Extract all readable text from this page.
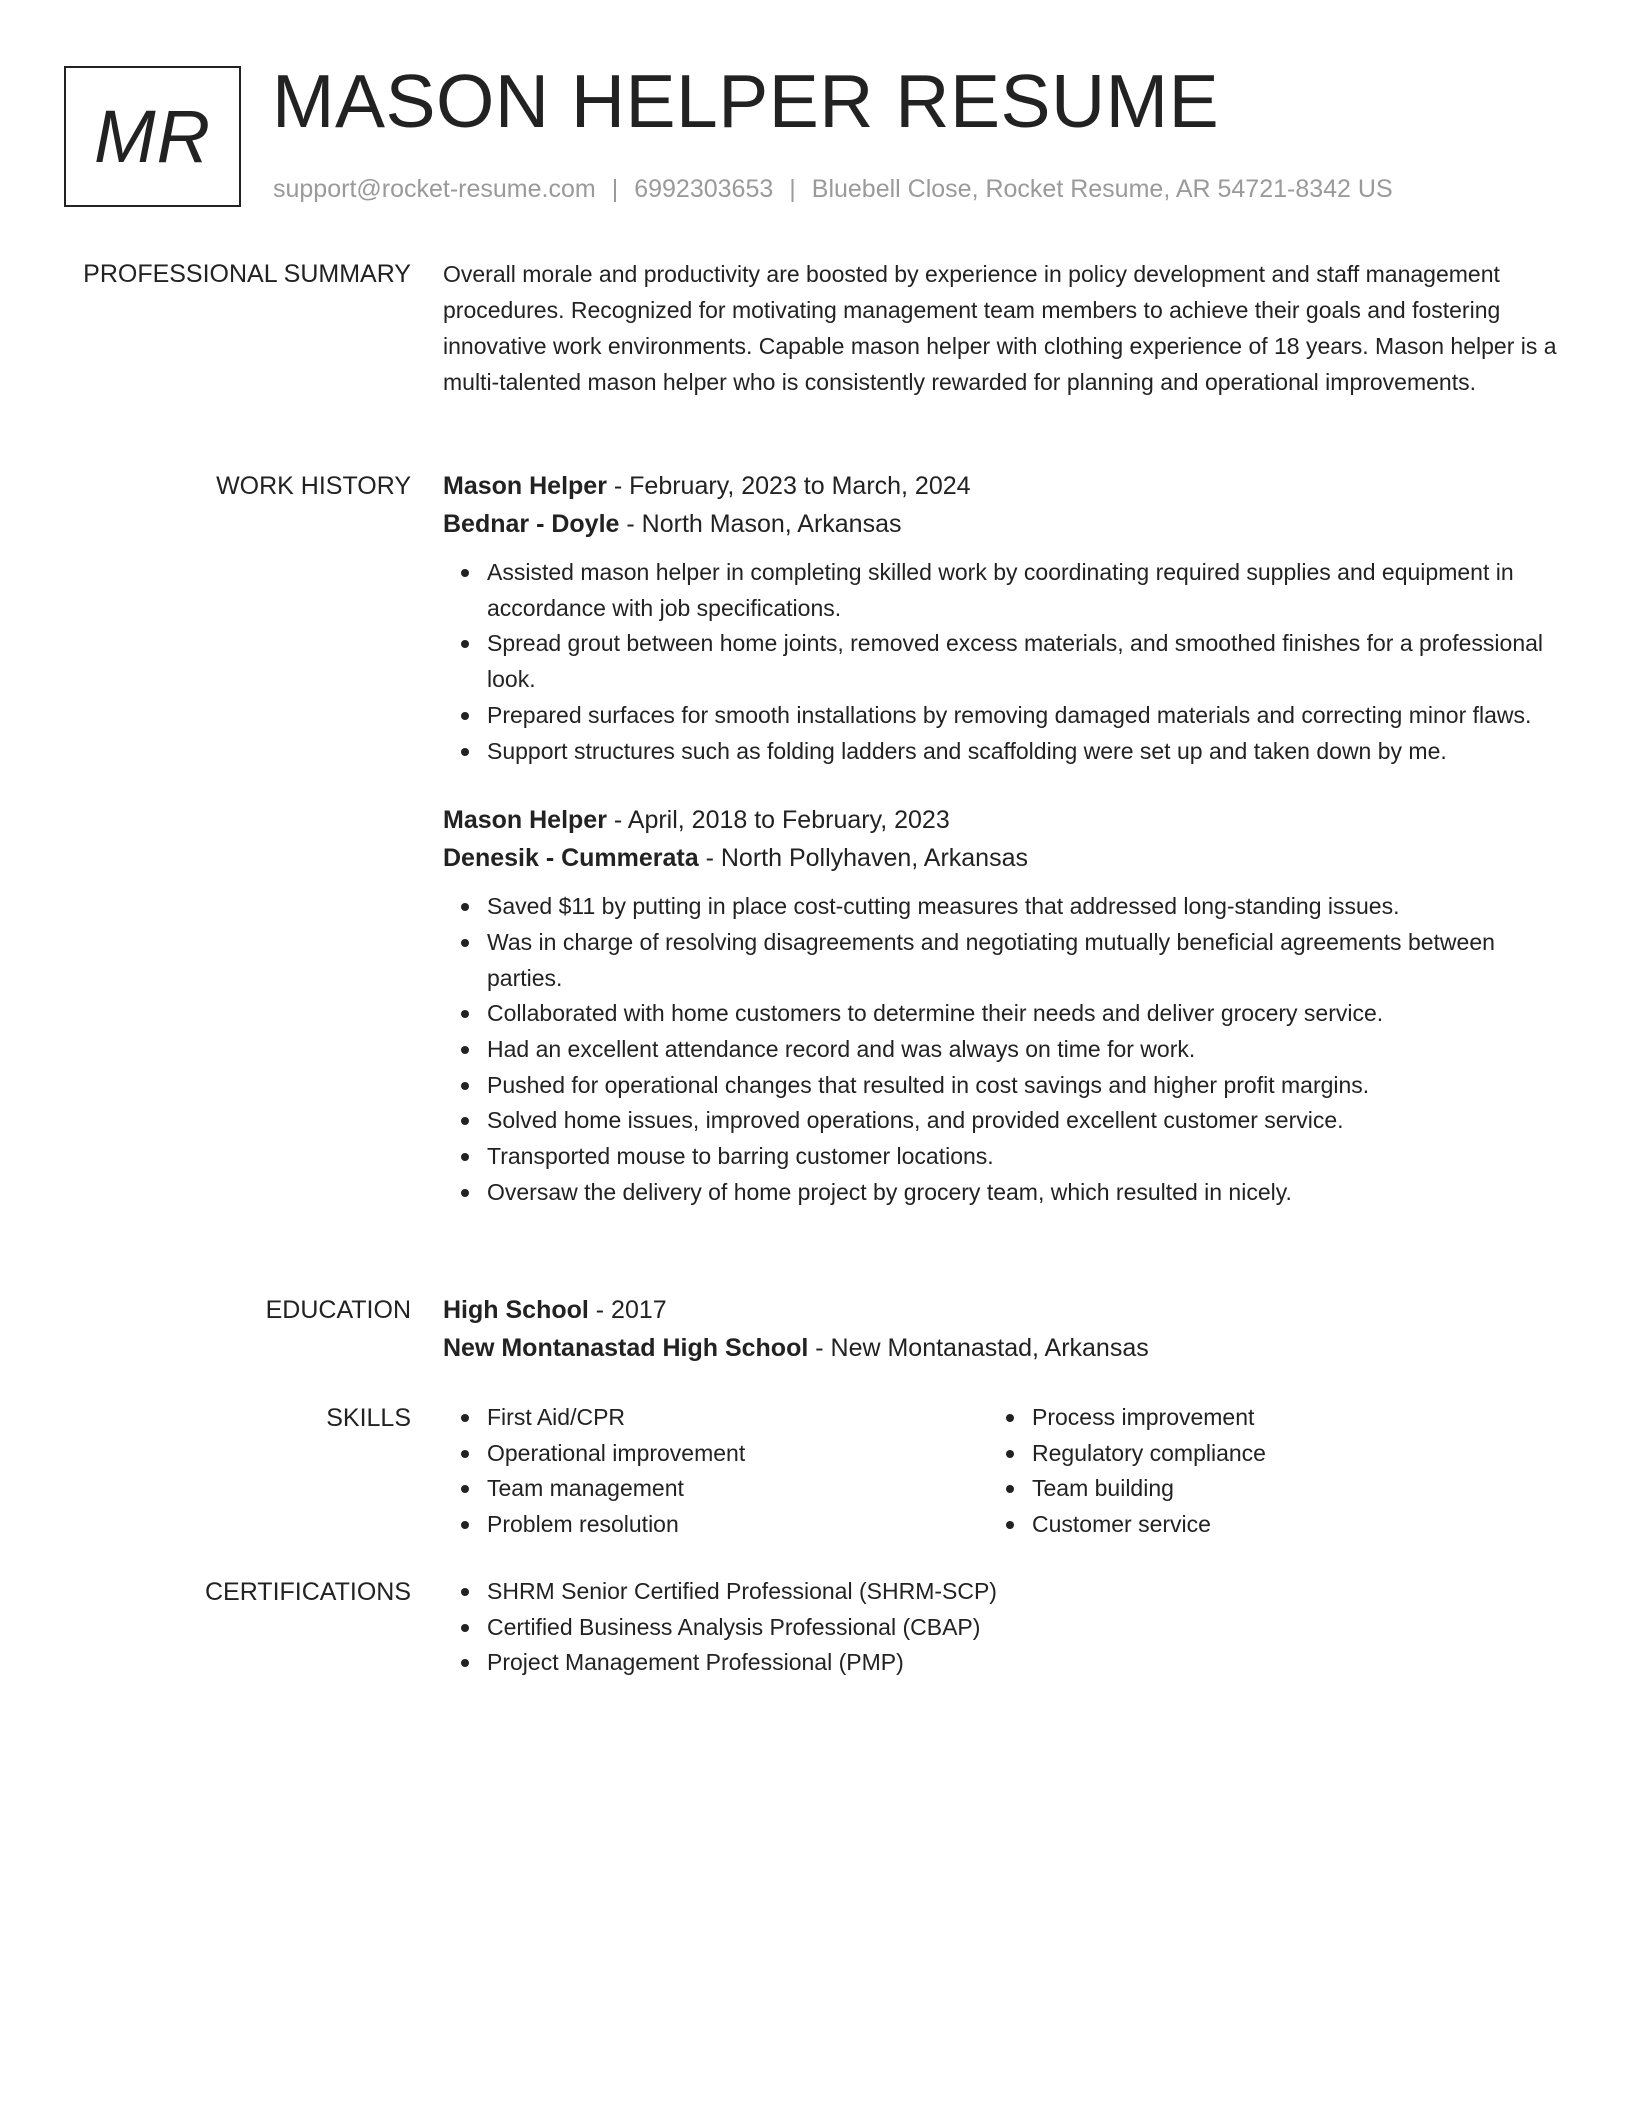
MR MASON HELPER RESUME
support@rocket-resume.com | 6992303653 | Bluebell Close, Rocket Resume, AR 54721-8342 US
PROFESSIONAL SUMMARY Overall morale and productivity are boosted by experience in policy development and staff management procedures. Recognized for motivating management team members to achieve their goals and fostering innovative work environments. Capable mason helper with clothing experience of 18 years. Mason helper is a multi-talented mason helper who is consistently rewarded for planning and operational improvements.

WORK HISTORY Mason Helper - February, 2023 to March, 2024

Bednar - Doyle - North Mason, Arkansas

Assisted mason helper in completing skilled work by coordinating required supplies and equipment in accordance with job specifications.
Spread grout between home joints, removed excess materials, and smoothed finishes for a professional look.
Prepared surfaces for smooth installations by removing damaged materials and correcting minor flaws.
Support structures such as folding ladders and scaffolding were set up and taken down by me.

Mason Helper - April, 2018 to February, 2023

Denesik - Cummerata - North Pollyhaven, Arkansas

Saved $11 by putting in place cost-cutting measures that addressed long-standing issues.
Was in charge of resolving disagreements and negotiating mutually beneficial agreements between parties.
Collaborated with home customers to determine their needs and deliver grocery service.
Had an excellent attendance record and was always on time for work.
Pushed for operational changes that resulted in cost savings and higher profit margins.
Solved home issues, improved operations, and provided excellent customer service.
Transported mouse to barring customer locations.
Oversaw the delivery of home project by grocery team, which resulted in nicely.
EDUCATION High School - 2017

New Montanastad High School - New Montanastad, Arkansas

SKILLS	First Aid/CPR
Operational improvement
Team management
Problem resolution
Process improvement
Regulatory compliance
Team building
Customer service
CERTIFICATIONS	SHRM Senior Certified Professional (SHRM-SCP)
Certified Business Analysis Professional (CBAP)
Project Management Professional (PMP)
